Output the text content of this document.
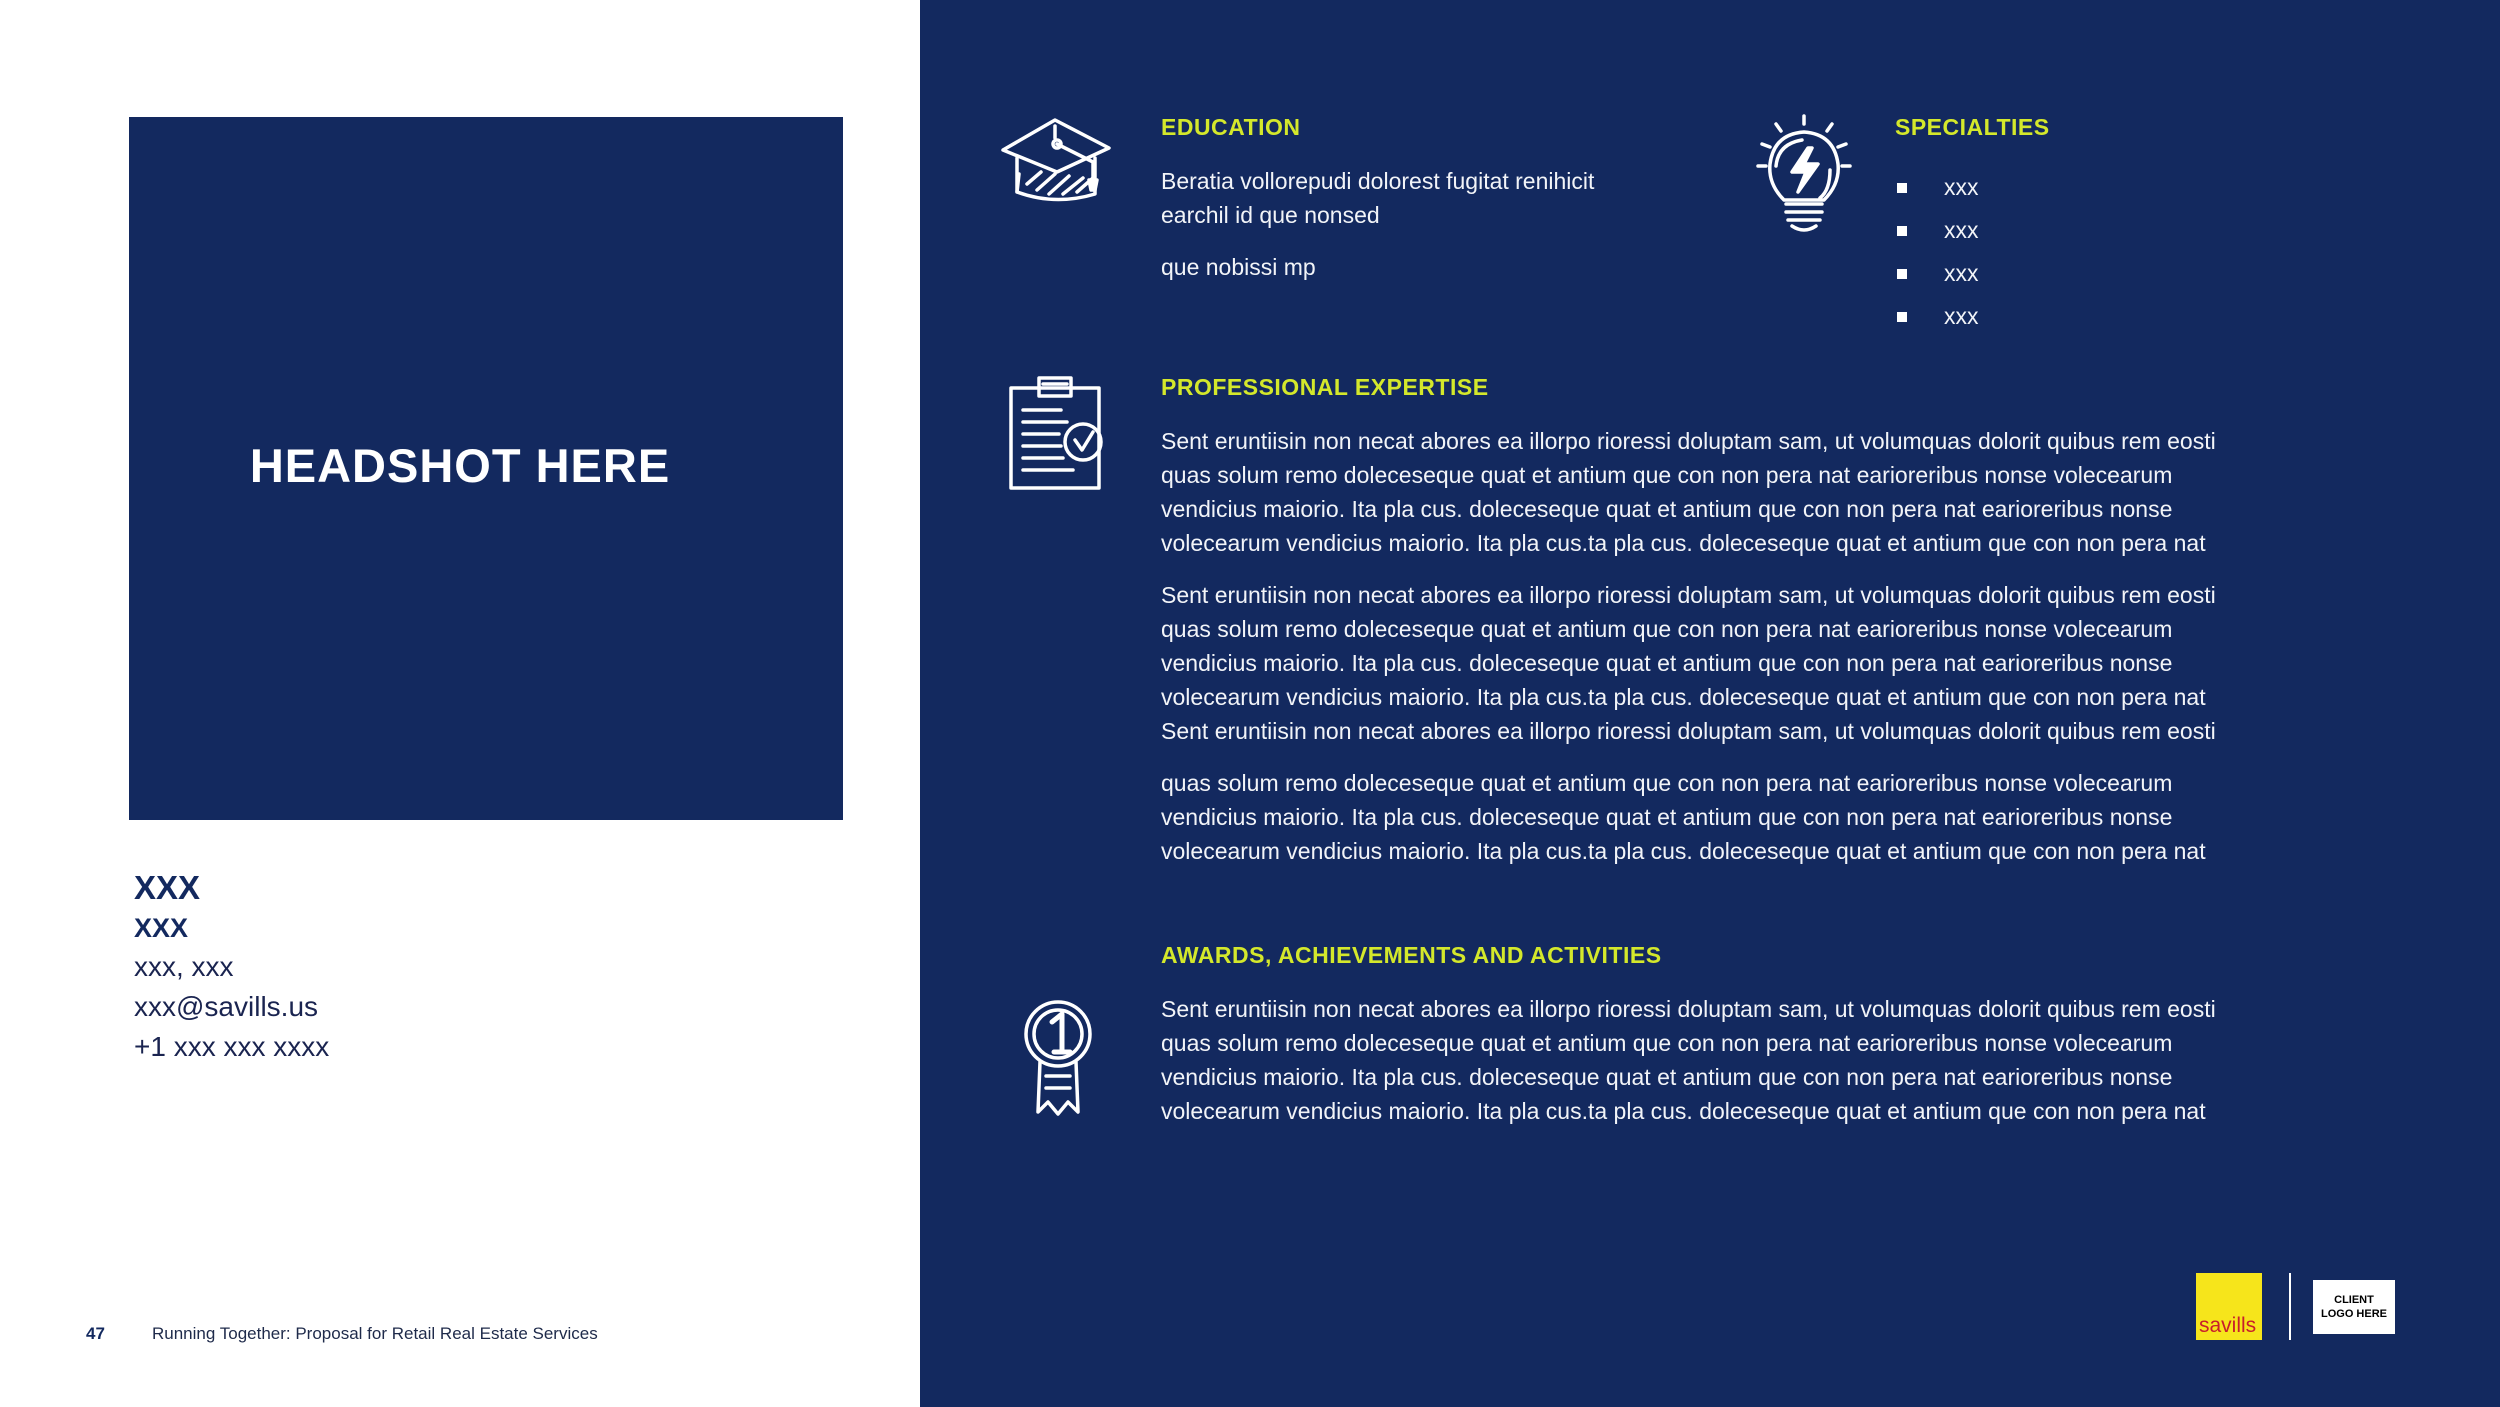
HEADSHOT HERE
XXX
XXX
xxx, xxx
xxx@savills.us
+1 xxx xxx xxxx
47	Running Together: Proposal for Retail Real Estate Services
EDUCATION
Beratia vollorepudi dolorest fugitat renihicit
earchil id que nonsed
que nobissi mp
SPECIALTIES
xxx
xxx
xxx
xxx
PROFESSIONAL EXPERTISE
Sent eruntiisin non necat abores ea illorpo rioressi doluptam sam, ut volumquas dolorit quibus rem eosti
quas solum remo doleceseque quat et antium que con non pera nat earioreribus nonse volecearum
vendicius maiorio. Ita pla cus. doleceseque quat et antium que con non pera nat earioreribus nonse
volecearum vendicius maiorio. Ita pla cus.ta pla cus. doleceseque quat et antium que con non pera nat
Sent eruntiisin non necat abores ea illorpo rioressi doluptam sam, ut volumquas dolorit quibus rem eosti
quas solum remo doleceseque quat et antium que con non pera nat earioreribus nonse volecearum
vendicius maiorio. Ita pla cus. doleceseque quat et antium que con non pera nat earioreribus nonse
volecearum vendicius maiorio. Ita pla cus.ta pla cus. doleceseque quat et antium que con non pera nat
Sent eruntiisin non necat abores ea illorpo rioressi doluptam sam, ut volumquas dolorit quibus rem eosti
quas solum remo doleceseque quat et antium que con non pera nat earioreribus nonse volecearum
vendicius maiorio. Ita pla cus. doleceseque quat et antium que con non pera nat earioreribus nonse
volecearum vendicius maiorio. Ita pla cus.ta pla cus. doleceseque quat et antium que con non pera nat
AWARDS, ACHIEVEMENTS AND ACTIVITIES
Sent eruntiisin non necat abores ea illorpo rioressi doluptam sam, ut volumquas dolorit quibus rem eosti
quas solum remo doleceseque quat et antium que con non pera nat earioreribus nonse volecearum
vendicius maiorio. Ita pla cus. doleceseque quat et antium que con non pera nat earioreribus nonse
volecearum vendicius maiorio. Ita pla cus.ta pla cus. doleceseque quat et antium que con non pera nat
savills
CLIENT
LOGO HERE
